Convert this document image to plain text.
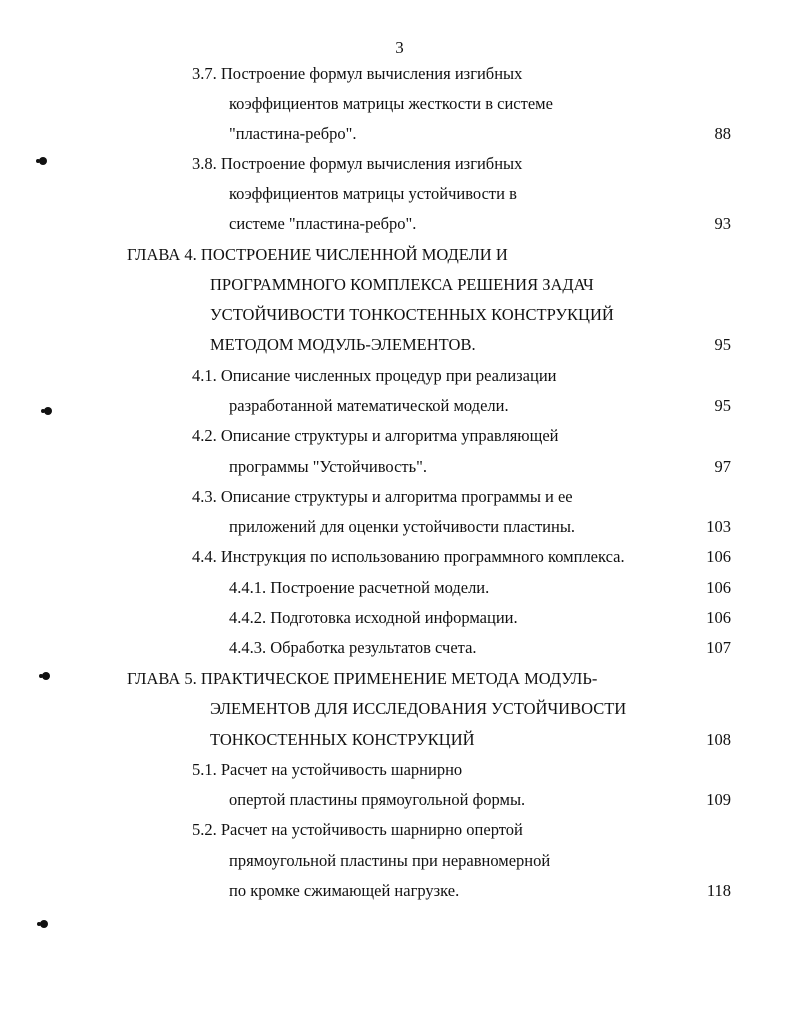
3
3.7. Построение формул вычисления изгибных
коэффициентов матрицы жесткости в системе
"пластина-ребро".	88
3.8. Построение формул вычисления изгибных
коэффициентов матрицы устойчивости в
системе "пластина-ребро".	93
ГЛАВА 4. ПОСТРОЕНИЕ ЧИСЛЕННОЙ МОДЕЛИ И
ПРОГРАММНОГО КОМПЛЕКСА РЕШЕНИЯ ЗАДАЧ
УСТОЙЧИВОСТИ ТОНКОСТЕННЫХ КОНСТРУКЦИЙ
МЕТОДОМ МОДУЛЬ-ЭЛЕМЕНТОВ.	95
4.1. Описание численных процедур при реализации
разработанной математической модели.	95
4.2. Описание структуры и алгоритма управляющей
программы "Устойчивость".	97
4.3. Описание структуры и алгоритма программы и ее
приложений для оценки устойчивости пластины.	103
4.4. Инструкция по использованию программного комплекса.	106
4.4.1. Построение расчетной модели.	106
4.4.2. Подготовка исходной информации.	106
4.4.3. Обработка результатов счета.	107
ГЛАВА 5. ПРАКТИЧЕСКОЕ ПРИМЕНЕНИЕ МЕТОДА МОДУЛЬ-
ЭЛЕМЕНТОВ ДЛЯ ИССЛЕДОВАНИЯ УСТОЙЧИВОСТИ
ТОНКОСТЕННЫХ КОНСТРУКЦИЙ	108
5.1. Расчет на устойчивость шарнирно
опертой пластины прямоугольной формы.	109
5.2. Расчет на устойчивость шарнирно опертой
прямоугольной пластины при неравномерной
по кромке сжимающей нагрузке.	118
